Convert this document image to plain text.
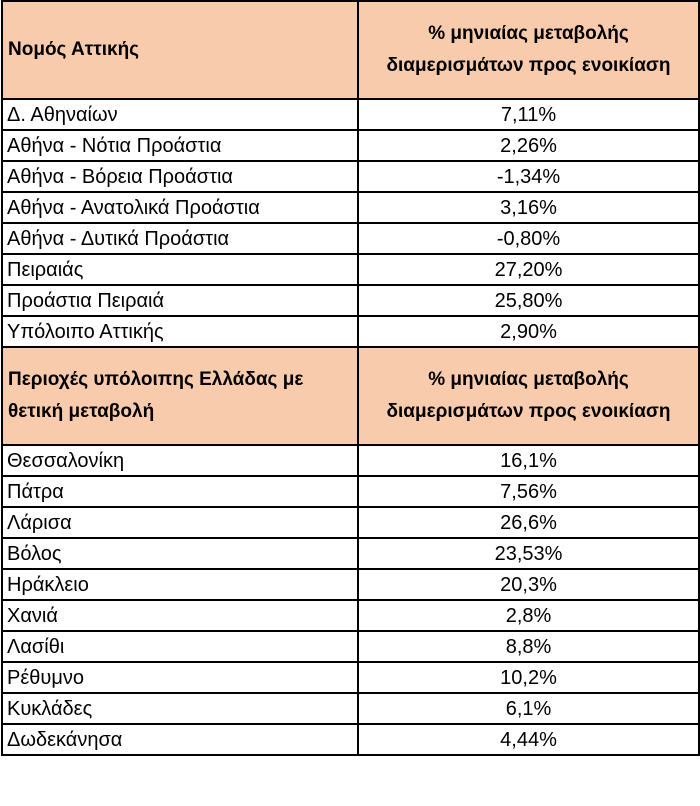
Νομός Αττικής	% μηνιαίας μεταβολής διαμερισμάτων προς ενοικίαση
Δ. Αθηναίων	7,11%
Αθήνα - Νότια Προάστια	2,26%
Αθήνα - Βόρεια Προάστια	-1,34%
Αθήνα - Ανατολικά Προάστια	3,16%
Αθήνα - Δυτικά Προάστια	-0,80%
Πειραιάς	27,20%
Προάστια Πειραιά	25,80%
Υπόλοιπο Αττικής	2,90%
Περιοχές υπόλοιπης Ελλάδας με θετική μεταβολή	% μηνιαίας μεταβολής διαμερισμάτων προς ενοικίαση
Θεσσαλονίκη	16,1%
Πάτρα	7,56%
Λάρισα	26,6%
Βόλος	23,53%
Ηράκλειο	20,3%
Χανιά	2,8%
Λασίθι	8,8%
Ρέθυμνο	10,2%
Κυκλάδες	6,1%
Δωδεκάνησα	4,44%
